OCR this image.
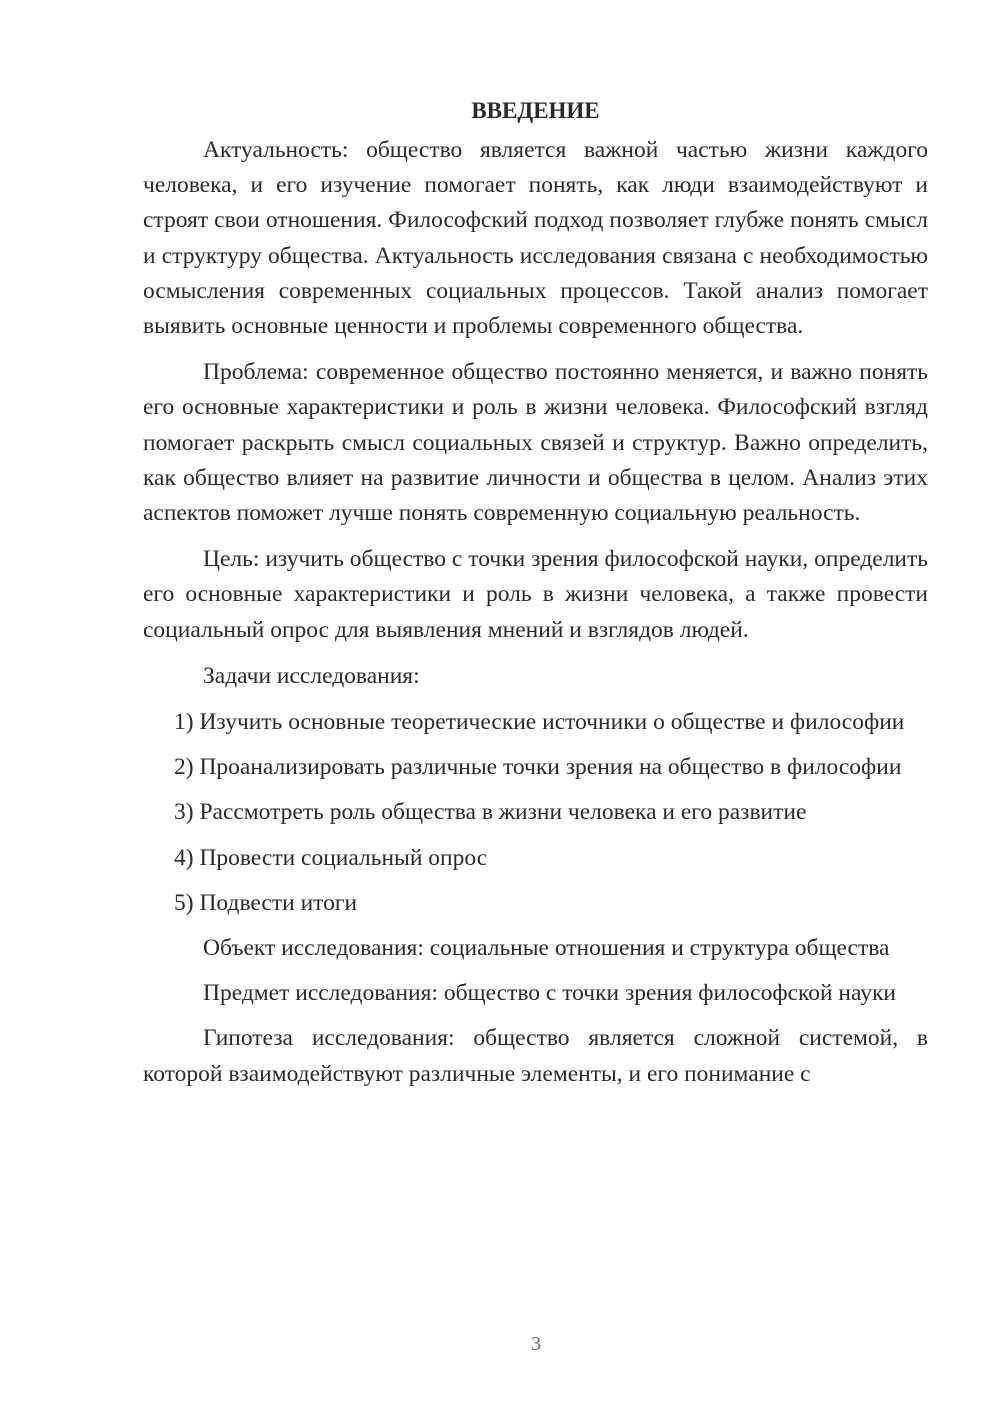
ВВЕДЕНИЕ

Актуальность: общество является важной частью жизни каждого человека, и его изучение помогает понять, как люди взаимодействуют и строят свои отношения. Философский подход позволяет глубже понять смысл и структуру общества. Актуальность исследования связана с необходимостью осмысления современных социальных процессов. Такой анализ помогает выявить основные ценности и проблемы современного общества.

Проблема: современное общество постоянно меняется, и важно понять его основные характеристики и роль в жизни человека. Философский взгляд помогает раскрыть смысл социальных связей и структур. Важно определить, как общество влияет на развитие личности и общества в целом. Анализ этих аспектов поможет лучше понять современную социальную реальность.

Цель: изучить общество с точки зрения философской науки, определить его основные характеристики и роль в жизни человека, а также провести социальный опрос для выявления мнений и взглядов людей.

Задачи исследования:

1) Изучить основные теоретические источники о обществе и философии

2) Проанализировать различные точки зрения на общество в философии

3) Рассмотреть роль общества в жизни человека и его развитие

4) Провести социальный опрос

5) Подвести итоги

Объект исследования: социальные отношения и структура общества

Предмет исследования: общество с точки зрения философской науки

Гипотеза исследования: общество является сложной системой, в которой взаимодействуют различные элементы, и его понимание с

3
